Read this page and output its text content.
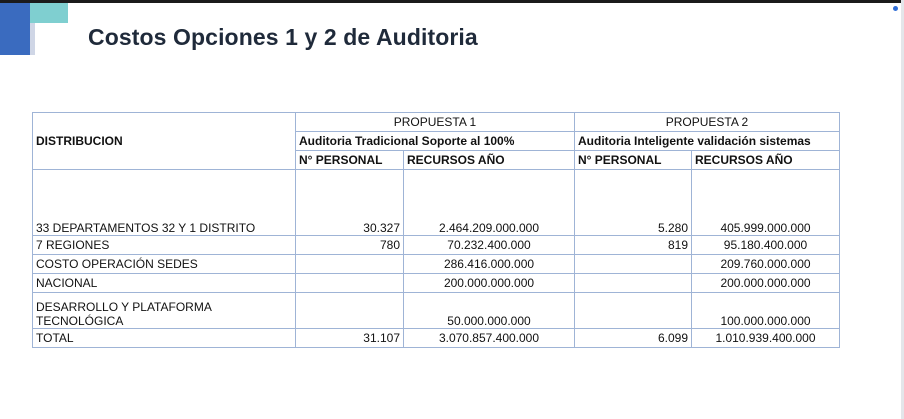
Costos Opciones 1 y 2 de Auditoria
DISTRIBUCION	PROPUESTA 1		PROPUESTA 2	
	Auditoria Tradicional Soporte al 100%		Auditoria Inteligente validación sistemas	
	N° PERSONAL	RECURSOS AÑO	N° PERSONAL	RECURSOS AÑO
33 DEPARTAMENTOS 32 Y 1 DISTRITO	30.327	2.464.209.000.000	5.280	405.999.000.000
7 REGIONES	780	70.232.400.000	819	95.180.400.000
COSTO OPERACIÓN SEDES		286.416.000.000		209.760.000.000
NACIONAL		200.000.000.000		200.000.000.000
DESARROLLO Y PLATAFORMA
TECNOLÓGICA		50.000.000.000		100.000.000.000
TOTAL	31.107	3.070.857.400.000	6.099	1.010.939.400.000
